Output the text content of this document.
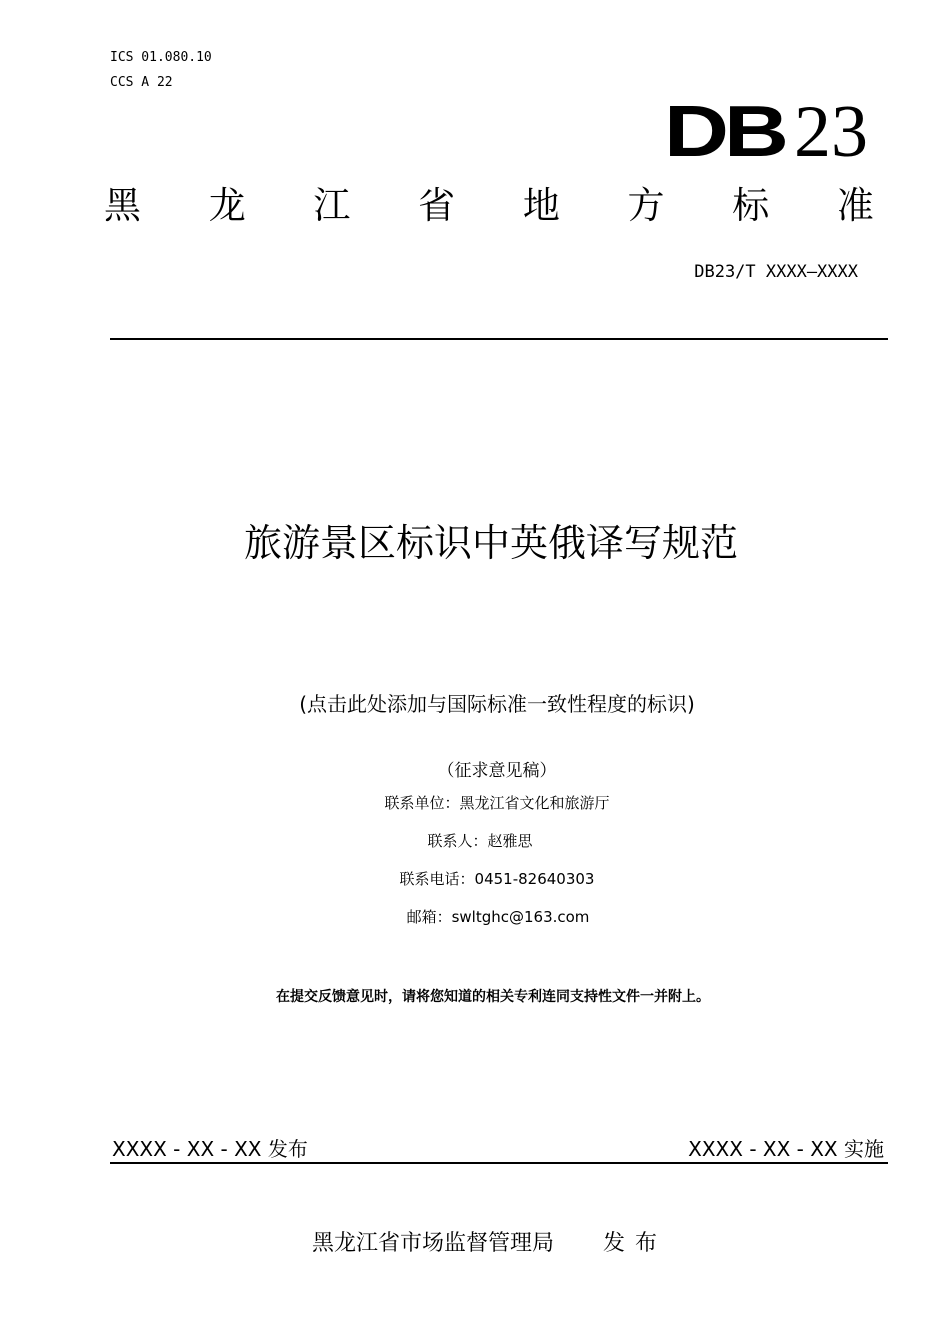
ICS 01.080.10
CCS A 22
DB 23
黑 龙 江 省 地 方 标 准
DB23/T XXXX—XXXX
旅游景区标识中英俄译写规范
(点击此处添加与国际标准一致性程度的标识)
（征求意见稿）
联系单位：黑龙江省文化和旅游厅
联系人：赵雅思
联系电话：0451-82640303
邮箱：swltghc@163.com
在提交反馈意见时，请将您知道的相关专利连同支持性文件一并附上。
XXXX - XX - XX 发布	XXXX - XX - XX 实施
黑龙江省市场监督管理局 发布
